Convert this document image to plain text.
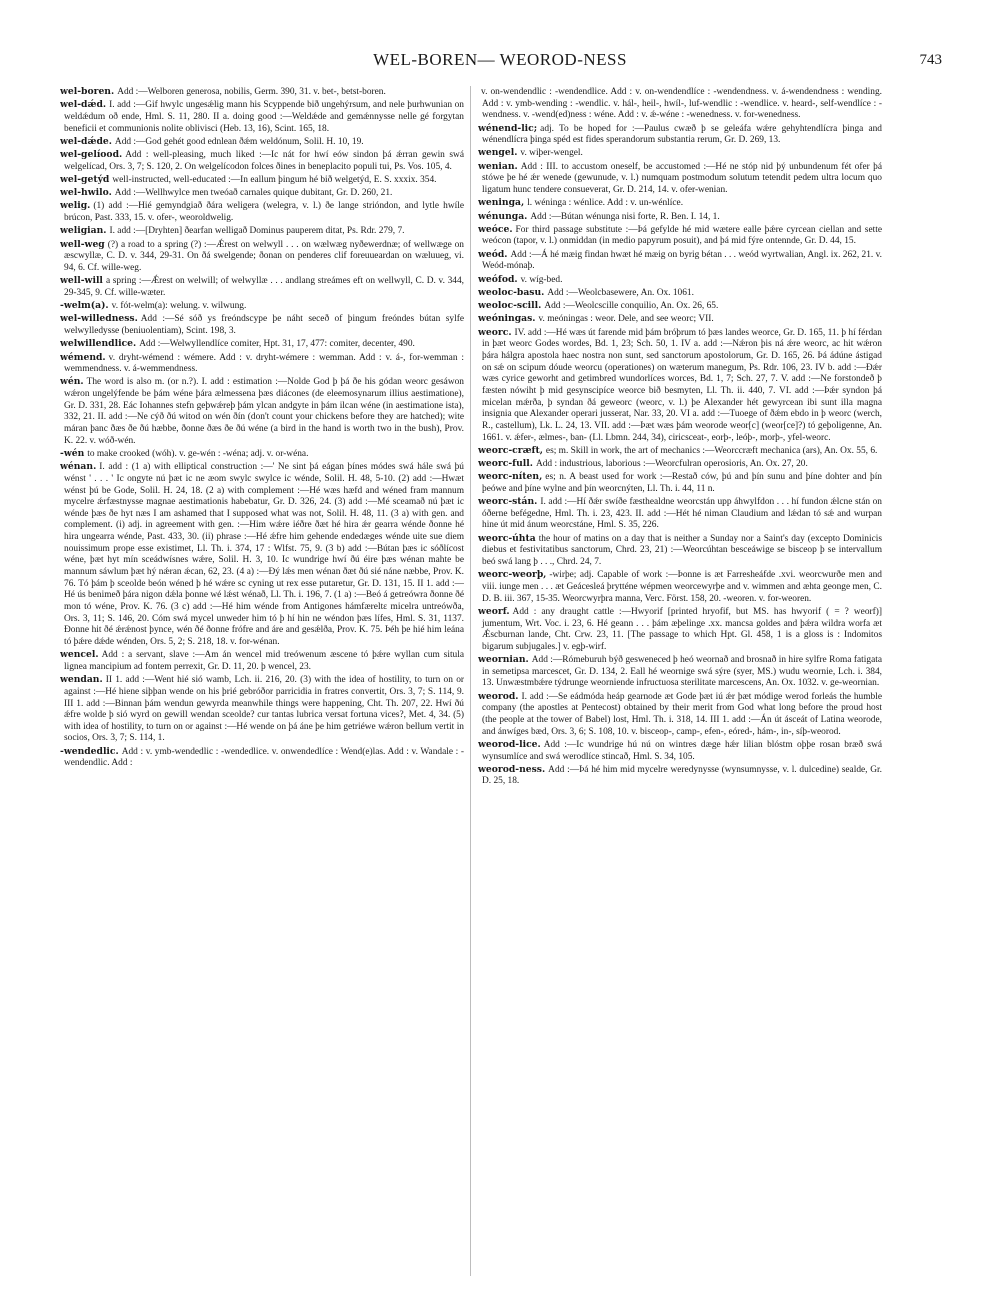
WEL-BOREN— WEOROD-NESS	743

wel-boren. Add :—Welboren generosa, nobilis, Germ. 390, 31. v. bet-, betst-boren.

wel-dǽd. I. add :—Gif hwylc ungesǽlig mann his Scyppende bið ungehýrsum, and nele þurhwunian on weldǽdum oð ende, Hml. S. 11, 280. II a. doing good :—Weldǽde and gemǽnnysse nelle gé forgytan beneficii et communionis nolite oblivisci (Heb. 13, 16), Scint. 165, 18.

wel-dǽde. Add :—God gehét good ednlean ðǽm weldónum, Solil. H. 10, 19.

wel-gelíood. Add : well-pleasing, much liked :—Ic nát for hwí eów sindon þá ǽrran gewin swá welgelícad, Ors. 3, 7; S. 120, 2. On welgelícodon folces ðines in beneplacito populi tui, Ps. Vos. 105, 4.

wel-getýd well-instructed, well-educated :—In eallum þingum hé bið welgetýd, E. S. xxxix. 354.

wel-hwilo. Add :—Wellhwylce men tweóað carnales quique dubitant, Gr. D. 260, 21.

welig. (1) add :—Hié gemyndgiað ðára weligera (welegra, v. l.) ðe lange strióndon, and lytle hwíle brúcon, Past. 333, 15. v. ofer-, weoroldwelig.

weligian. I. add :—[Dryhten] ðearfan welligað Dominus pauperem ditat, Ps. Rdr. 279, 7.

well-weg (?) a road to a spring (?) :—Ǽrest on welwyll . . . on wælwæg nyðewerdnæ; of wellwæge on æscwyllæ, C. D. v. 344, 29-31. On ðá swelgende; ðonan on penderes clif foreuueardan on wæluueg, vi. 94, 6. Cf. wille-weg.

well-will a spring :—Ǽrest on welwill; of welwyllæ . . . andlang streámes eft on wellwyll, C. D. v. 344, 29-345, 9. Cf. wille-wæter.

-welm(a). v. fót-welm(a): welung. v. wilwung.

wel-willedness. Add :—Sé sóð ys freóndscype þe náht seceð of þingum freóndes bútan sylfe welwylledysse (beniuolentiam), Scint. 198, 3.

welwillendlice. Add :—Welwyllendlíce comiter, Hpt. 31, 17, 477: comiter, decenter, 490.

wémend. v. dryht-wémend : wémere. Add : v. dryht-wémere : wemman. Add : v. á-, for-wemman : wemmendness. v. á-wemmendness.

wén. The word is also m. (or n.?). I. add : estimation :—Nolde God þ þá ðe his gódan weorc gesáwon wǽron ungelýfende be þám wéne þára ælmessena þæs diácones (de eleemosynarum illius aestimatione), Gr. D. 331, 28. Eác Iohannes stefn geþwǽreþ þám ylcan andgyte in þám ilcan wéne (in aestimatione ista), 332, 21. II. add :—Ne cýð ðú witod on wén ðín (don't count your chickens before they are hatched); wite máran þanc ðæs ðe ðú hæbbe, ðonne ðæs ðe ðú wéne (a bird in the hand is worth two in the bush), Prov. K. 22. v. wóð-wén.

-wén to make crooked (wóh). v. ge-wén : -wéna; adj. v. or-wéna.

wénan. I. add : (1 a) with elliptical construction :—' Ne sint þá eágan þínes módes swá hále swá þú wénst ' . . . ' Ic ongyte nú þæt ic ne æom swylc swylce ic wénde, Solil. H. 48, 5-10. (2) add :—Hwæt wénst þú be Gode, Solil. H. 24, 18. (2 a) with complement :—Hé wæs hæfd and wéned fram mannum mycelre ǽrfæstnysse magnae aestimationis habebatur, Gr. D. 326, 24. (3) add :—Mé sceamað nú þæt ic wénde þæs ðe hyt næs I am ashamed that I supposed what was not, Solil. H. 48, 11. (3 a) with gen. and complement. (i) adj. in agreement with gen. :—Him wǽre iéðre ðæt hé hira ǽr gearra wénde ðonne hé hira ungearra wénde, Past. 433, 30. (ii) phrase :—Hé ǽfre him gehende endedæges wénde uite sue diem nouissimum prope esse existimet, Ll. Th. i. 374, 17 : Wlfst. 75, 9. (3 b) add :—Bútan þæs ic sóðlícost wéne, þæt hyt mín sceádwísnes wǽre, Solil. H. 3, 10. Ic wundrige hwí ðú éire þæs wénan mahte be mannum sáwlum þæt hý nǽran ǽcan, 62, 23. (4 a) :—Ðý lǽs men wénan ðæt ðú sié náne næbbe, Prov. K. 76. Tó þám þ sceolde beón wéned þ hé wǽre sc cyning ut rex esse putaretur, Gr. D. 131, 15. II 1. add :—Hé ús benimeð þára nigon dǽla þonne wé lǽst wénað, Ll. Th. i. 196, 7. (1 a) :—Beó á getreówra ðonne ðé mon tó wéne, Prov. K. 76. (3 c) add :—Hé him wénde from Antigones hámfæreltε micelra untreówða, Ors. 3, 11; S. 146, 20. Cóm swá mycel unweder him tó þ hí hin ne wéndon þæs lífes, Hml. S. 31, 1137. Ðonne hit ðé ǽrǽnost þynce, wén ðé ðonne frófre and áre and gesǽlða, Prov. K. 75. Þéh þe hié him leána tó þǽre dǽde wénden, Ors. 5, 2; S. 218, 18. v. for-wénan.

wencel. Add : a servant, slave :—Am án wencel mid treówenum æscene tó þǽre wyllan cum situla lignea mancipium ad fontem perrexit, Gr. D. 11, 20. þ wencel, 23.

wendan. II 1. add :—Went hié sió wamb, Lch. ii. 216, 20. (3) with the idea of hostility, to turn on or against :—Hé hiene siþþan wende on his þrié gebróðor parricidia in fratres convertit, Ors. 3, 7; S. 114, 9. III 1. add :—Binnan þám wendun gewyrda meanwhile things were happening, Cht. Th. 207, 22. Hwí ðú ǽfre wolde þ sió wyrd on gewill wendan sceolde? cur tantas lubrica versat fortuna vices?, Met. 4, 34. (5) with idea of hostility, to turn on or against :—Hé wende on þá áne þe him getriéwe wǽron bellum vertit in socios, Ors. 3, 7; S. 114, 1.

-wendedlic. Add : v. ymb-wendedlic : -wendedlice. v. onwendedlíce : Wend(e)las. Add : v. Wandale : -wendendlic. Add :

v. on-wendendlic : -wendendlice. Add : v. on-wendendlíce : -wendendness. v. á-wendendness : wending. Add : v. ymb-wending : -wendlic. v. hál-, heil-, hwíl-, luf-wendlic : -wendlice. v. heard-, self-wendlíce : -wendness. v. -wend(ed)ness : wéne. Add : v. ǽ-wéne : -wenedness. v. for-wenedness.

wénend-lic; adj. To be hoped for :—Paulus cwæð þ se geleáfa wǽre gehyhtendlícra þinga and wénendlícra þinga spéd est fides sperandorum substantia rerum, Gr. D. 269, 13.

wengel. v. wiþer-wengel.

wenian. Add : III. to accustom oneself, be accustomed :—Hé ne stóp nid þý unbundenum fét ofer þá stówe þe hé ǽr wenede (gewunude, v. l.) numquam postmodum solutum tetendit pedem ultra locum quo ligatum hunc tendere consueverat, Gr. D. 214, 14. v. ofer-wenian.

weninga, l. wéninga : wénlice. Add : v. un-wénlíce.

wénunga. Add :—Bútan wénunga nisi forte, R. Ben. I. 14, 1.

weóce. For third passage substitute :—Þá gefylde hé mid wætere ealle þǽre cyrcean ciellan and sette weócon (tapor, v. l.) onmiddan (in medio papyrum posuit), and þá mid fýre ontennde, Gr. D. 44, 15.

weód. Add :—Á hé mæig findan hwæt hé mæig on byrig bétan . . . weód wyrtwalian, Angl. ix. 262, 21. v. Weód-mónaþ.

weófod. v. wíg-bed.

weoloc-basu. Add :—Weolcbasewere, An. Ox. 1061.

weoloc-scill. Add :—Weolcscille conquilio, An. Ox. 26, 65.

weóningas. v. meóningas : weor. Dele, and see weorc; VII.

weorc. IV. add :—Hé wæs út farende mid þám bróþrum tó þæs landes weorce, Gr. D. 165, 11. þ hí férdan in þæt weorc Godes wordes, Bd. 1, 23; Sch. 50, 1. IV a. add :—Nǽron þis ná ǽre weorc, ac hit wǽron þára hálgra apostola haec nostra non sunt, sed sanctorum apostolorum, Gr. D. 165, 26. Þá ádúne ástigad on sǽ on scipum dóude weorcu (operationes) on wæterum manegum, Ps. Rdr. 106, 23. IV b. add :—Ðǽr wæs cyrice geworht and getimbred wundorlíces worces, Bd. 1, 7; Sch. 27, 7. V. add :—Ne forstondeð þ fæsten nówiht þ mid gesynscipíce weorce bið besmyten, Ll. Th. ii. 440, 7. VI. add :—Þǽr syndon þá micelan mǽrða, þ syndan ðá geweorc (weorc, v. l.) þe Alexander hét gewyrcean ibi sunt illa magna insignia que Alexander operari jusserat, Nar. 33, 20. VI a. add :—Tuoege of ðǽm ebdo in þ weorc (werch, R., castellum), Lk. L. 24, 13. VII. add :—Þæt wæs þám weorode weor[c] (weor[ce]?) tó geþoligenne, An. 1661. v. ǽfer-, ælmes-, ban- (Ll. Lbmn. 244, 34), ciricsceat-, eorþ-, leóþ-, morþ-, yfel-weorc.

weorc-cræft, es; m. Skill in work, the art of mechanics :—Weorccræft mechanica (ars), An. Ox. 55, 6.

weorc-full. Add : industrious, laborious :—Weorcfulran operosioris, An. Ox. 27, 20.

weorc-níten, es; n. A beast used for work :—Restað ców, þú and þín sunu and þíne dohter and þín þeówe and þíne wylne and þín weorcnýten, Ll. Th. i. 44, 11 n.

weorc-stán. I. add :—Hí ðǽr swíðe fæsthealdne weorcstán upp áhwylfdon . . . hí fundon ǽlcne stán on óðerne befégedne, Hml. Th. i. 23, 423. II. add :—Hét hé niman Claudium and lǽdan tó sǽ and wurpan hine út mid ánum weorcstáne, Hml. S. 35, 226.

weorc-úhta the hour of matins on a day that is neither a Sunday nor a Saint's day (excepto Dominicis diebus et festivitatibus sanctorum, Chrd. 23, 21) :—Weorcúhtan besceáwige se bisceop þ se intervallum beó swá lang þ . . ., Chrd. 24, 7.

weorc-weorþ, -wirþe; adj. Capable of work :—Þonne is æt Farresheáfde .xvi. weorcwurðe men and viii. iunge men . . . æt Geácesleá þrytténe wépmen weorcewyrþe and v. wimmen and æhta geonge men, C. D. B. iii. 367, 15-35. Weorcwyrþra manna, Verc. Först. 158, 20. -weoren. v. for-weoren.

weorf. Add : any draught cattle :—Hwyorif [printed hryofif, but MS. has hwyorif ( = ? weorf)] jumentum, Wrt. Voc. i. 23, 6. Hé geann . . . þám æþelinge .xx. mancsa goldes and þǽra wildra worfa æt Ǽscburnan lande, Cht. Crw. 23, 11. [The passage to which Hpt. Gl. 458, 1 is a gloss is : Indomitos bigarum subjugales.] v. egþ-wirf.

weornian. Add :—Rómeburuh býð gesweneced þ heó weornað and brosnað in hire sylfre Roma fatigata in semetipsa marcescet, Gr. D. 134, 2. Eall hé weornige swá sýre (syer, MS.) wudu weornie, Lch. i. 384, 13. Unwæstmbǽre týdrunge weorniende infructuosa sterilitate marcescens, An. Ox. 1032. v. ge-weornian.

weorod. I. add :—Se eádmóda heáp gearnode æt Gode þæt iú ǽr þæt módige werod forleás the humble company (the apostles at Pentecost) obtained by their merit from God what long before the proud host (the people at the tower of Babel) lost, Hml. Th. i. 318, 14. III 1. add :—Án út ásceát of Latina weorode, and ánwíges bæd, Ors. 3, 6; S. 108, 10. v. bisceop-, camp-, efen-, eóred-, hám-, in-, síþ-weorod.

weorod-lice. Add :—Ic wundrige hú nú on wintres dæge hǽr lilian blóstm oþþe rosan bræð swá wynsumlíce and swá werodlíce stincað, Hml. S. 34, 105.

weorod-ness. Add :—Þá hé him mid mycelre weredynysse (wynsumnysse, v. l. dulcedine) sealde, Gr. D. 25, 18.
